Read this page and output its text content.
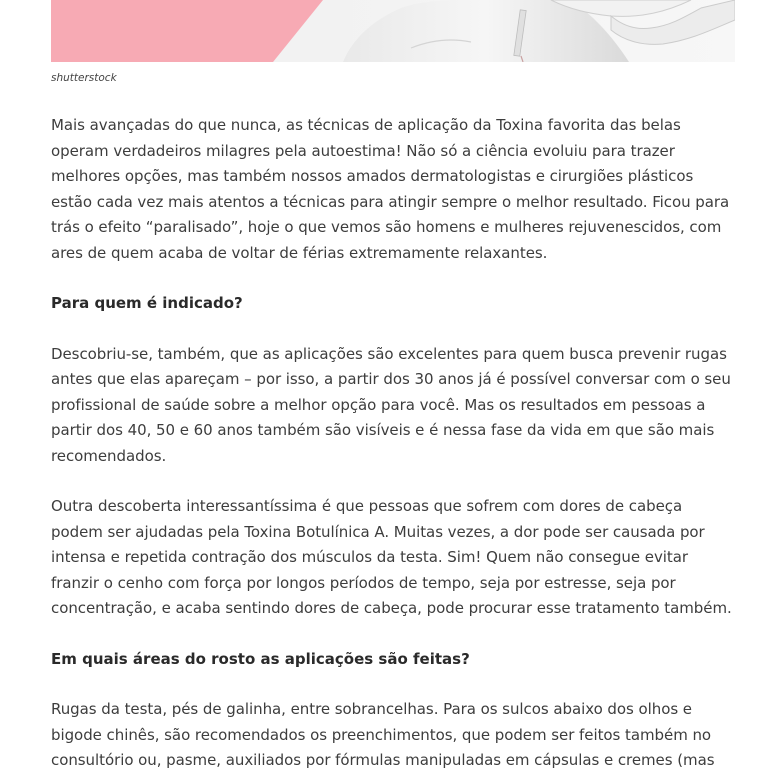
shutterstock

Mais avançadas do que nunca, as técnicas de aplicação da Toxina favorita das belas operam verdadeiros milagres pela autoestima! Não só a ciência evoluiu para trazer melhores opções, mas também nossos amados dermatologistas e cirurgiões plásticos estão cada vez mais atentos a técnicas para atingir sempre o melhor resultado. Ficou para trás o efeito “paralisado”, hoje o que vemos são homens e mulheres rejuvenescidos, com ares de quem acaba de voltar de férias extremamente relaxantes.

Para quem é indicado?

Descobriu-se, também, que as aplicações são excelentes para quem busca prevenir rugas antes que elas apareçam – por isso, a partir dos 30 anos já é possível conversar com o seu profissional de saúde sobre a melhor opção para você. Mas os resultados em pessoas a partir dos 40, 50 e 60 anos também são visíveis e é nessa fase da vida em que são mais recomendados.

Outra descoberta interessantíssima é que pessoas que sofrem com dores de cabeça podem ser ajudadas pela Toxina Botulínica A. Muitas vezes, a dor pode ser causada por intensa e repetida contração dos músculos da testa. Sim! Quem não consegue evitar franzir o cenho com força por longos períodos de tempo, seja por estresse, seja por concentração, e acaba sentindo dores de cabeça, pode procurar esse tratamento também.

Em quais áreas do rosto as aplicações são feitas?

Rugas da testa, pés de galinha, entre sobrancelhas. Para os sulcos abaixo dos olhos e bigode chinês, são recomendados os preenchimentos, que podem ser feitos também no consultório ou, pasme, auxiliados por fórmulas manipuladas em cápsulas e cremes (mas
